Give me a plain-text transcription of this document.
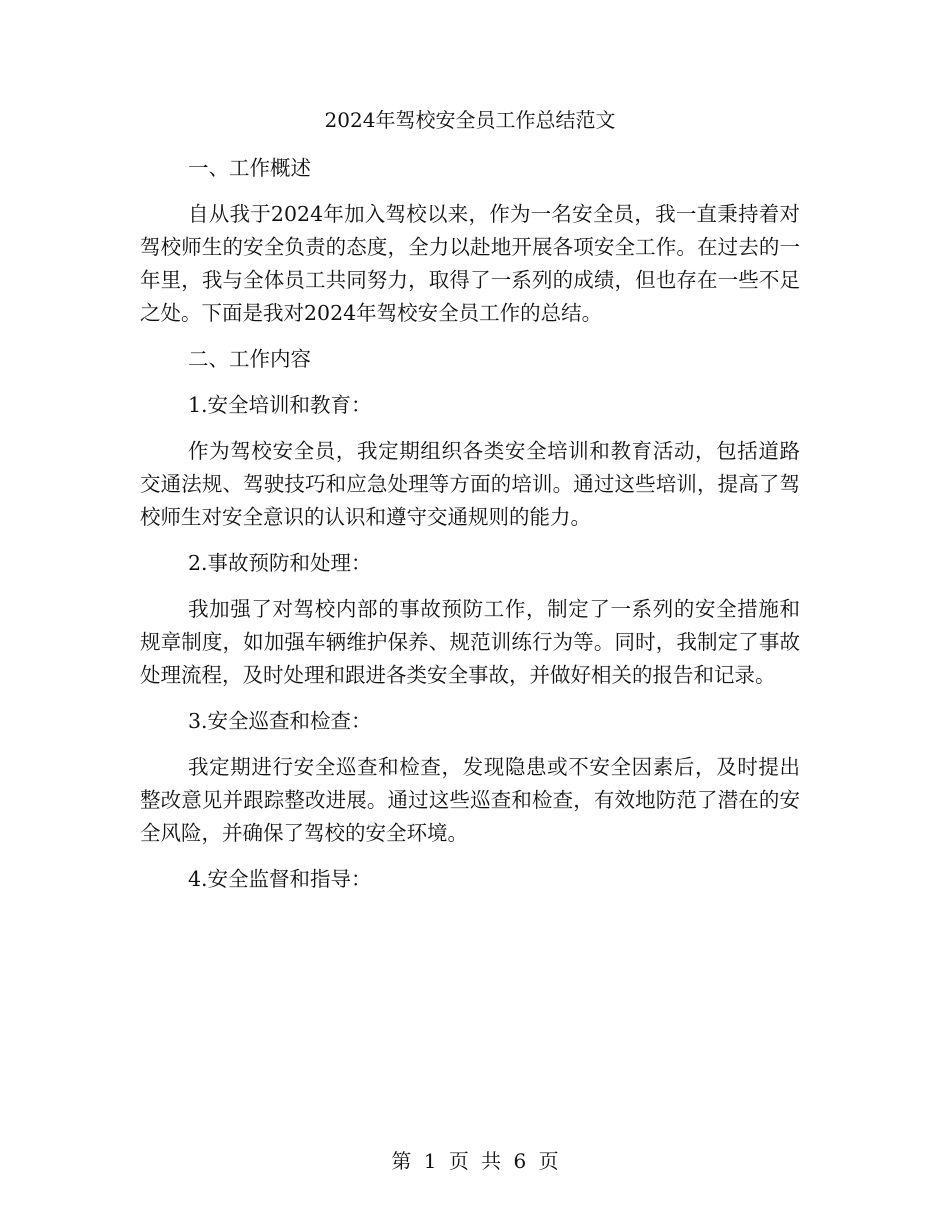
2024年驾校安全员工作总结范文
一、工作概述
自从我于2024年加入驾校以来，作为一名安全员，我一直秉持着对驾校师生的安全负责的态度，全力以赴地开展各项安全工作。在过去的一年里，我与全体员工共同努力，取得了一系列的成绩，但也存在一些不足之处。下面是我对2024年驾校安全员工作的总结。
二、工作内容
1.安全培训和教育：
作为驾校安全员，我定期组织各类安全培训和教育活动，包括道路交通法规、驾驶技巧和应急处理等方面的培训。通过这些培训，提高了驾校师生对安全意识的认识和遵守交通规则的能力。
2.事故预防和处理：
我加强了对驾校内部的事故预防工作，制定了一系列的安全措施和规章制度，如加强车辆维护保养、规范训练行为等。同时，我制定了事故处理流程，及时处理和跟进各类安全事故，并做好相关的报告和记录。
3.安全巡查和检查：
我定期进行安全巡查和检查，发现隐患或不安全因素后，及时提出整改意见并跟踪整改进展。通过这些巡查和检查，有效地防范了潜在的安全风险，并确保了驾校的安全环境。
4.安全监督和指导：
第 1 页 共 6 页
